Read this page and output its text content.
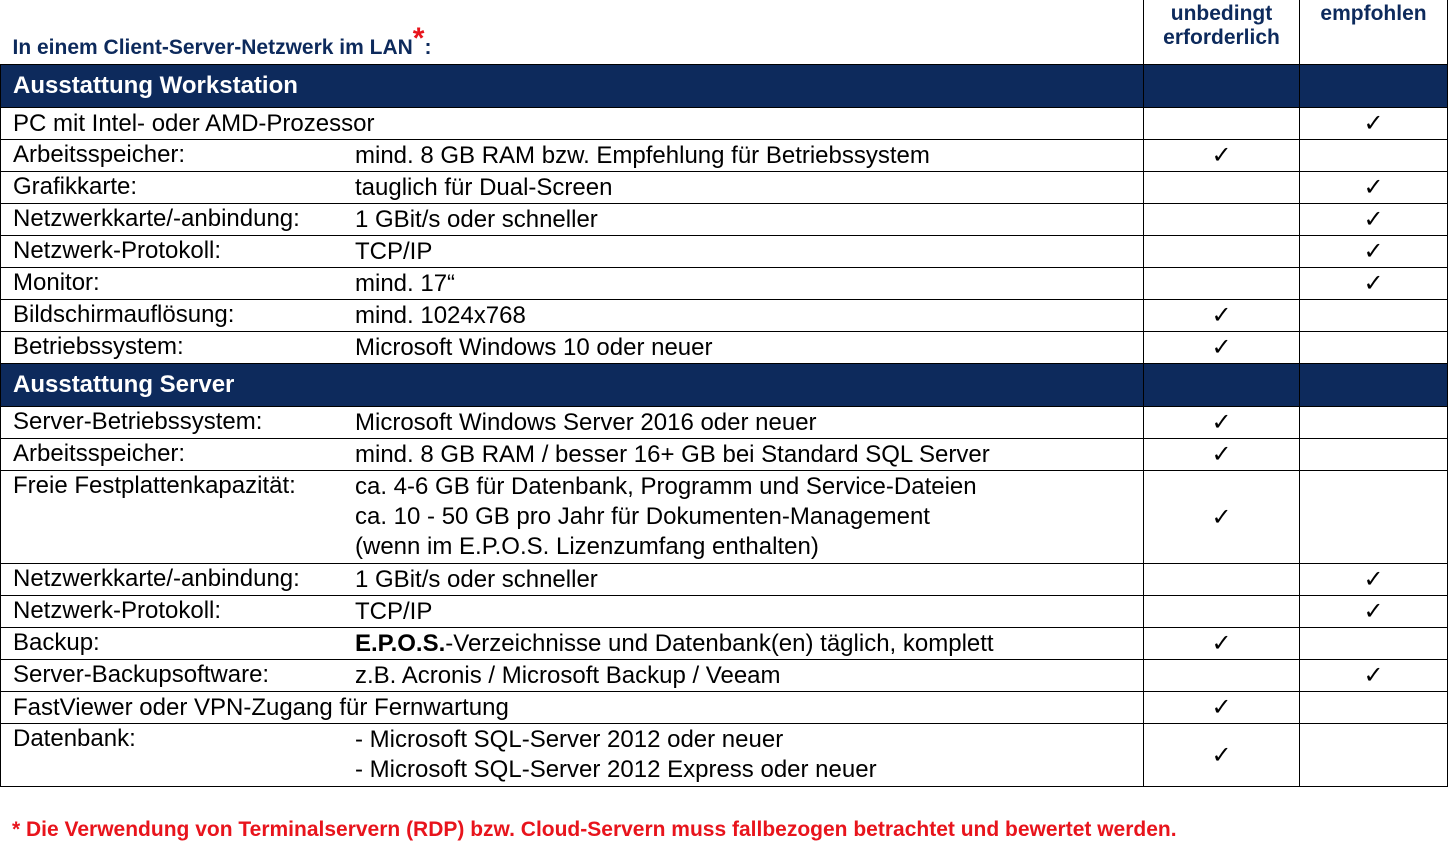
In einem Client-Server-Netzwerk im LAN*:	unbedingt
erforderlich	empfohlen

Ausstattung Workstation		

PC mit Intel- oder AMD-Prozessor		✓

Arbeitsspeicher: mind. 8 GB RAM bzw. Empfehlung für Betriebssystem	✓	

Grafikkarte: tauglich für Dual-Screen		✓

Netzwerkkarte/-anbindung: 1 GBit/s oder schneller		✓

Netzwerk-Protokoll: TCP/IP		✓

Monitor: mind. 17“		✓

Bildschirmauflösung: mind. 1024x768	✓	

Betriebssystem: Microsoft Windows 10 oder neuer	✓	
Ausstattung Server		

Server-Betriebssystem: Microsoft Windows Server 2016 oder neuer	✓	

Arbeitsspeicher: mind. 8 GB RAM / besser 16+ GB bei Standard SQL Server	✓	

Freie Festplattenkapazität: ca. 4-6 GB für Datenbank, Programm und Service-Dateien
ca. 10 - 50 GB pro Jahr für Dokumenten-Management
(wenn im E.P.O.S. Lizenzumfang enthalten)	✓	

Netzwerkkarte/-anbindung: 1 GBit/s oder schneller		✓

Netzwerk-Protokoll: TCP/IP		✓

Backup: E.P.O.S.-Verzeichnisse und Datenbank(en) täglich, komplett	✓	

Server-Backupsoftware: z.B. Acronis / Microsoft Backup / Veeam		✓

FastViewer oder VPN-Zugang für Fernwartung	✓	

Datenbank: - Microsoft SQL-Server 2012 oder neuer
- Microsoft SQL-Server 2012 Express oder neuer	✓	
* Die Verwendung von Terminalservern (RDP) bzw. Cloud-Servern muss fallbezogen betrachtet und bewertet werden.
